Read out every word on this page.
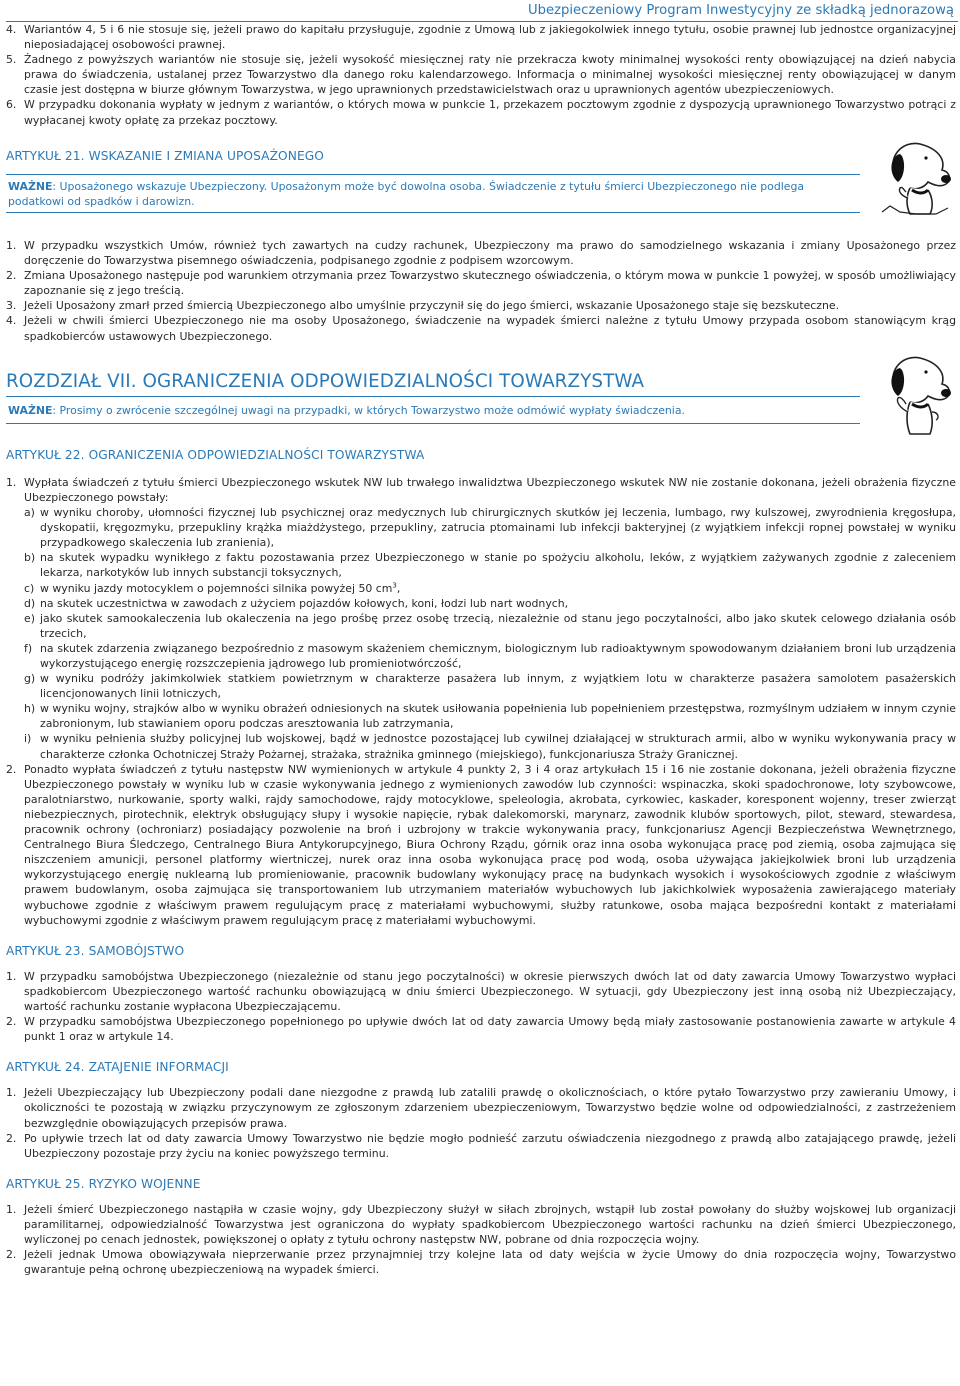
Ubezpieczeniowy Program Inwestycyjny ze składką jednorazową
4. Wariantów 4, 5 i 6 nie stosuje się, jeżeli prawo do kapitału przysługuje, zgodnie z Umową lub z jakiegokolwiek innego tytułu, osobie prawnej lub jednostce organizacyjnej nieposiadającej osobowości prawnej.
5. Żadnego z powyższych wariantów nie stosuje się, jeżeli wysokość miesięcznej raty nie przekracza kwoty minimalnej wysokości renty obowiązującej na dzień nabycia prawa do świadczenia, ustalanej przez Towarzystwo dla danego roku kalendarzowego. Informacja o minimalnej wysokości miesięcznej renty obowiązującej w danym czasie jest dostępna w biurze głównym Towarzystwa, w jego uprawnionych przedstawicielstwach oraz u uprawnionych agentów ubezpieczeniowych.
6. W przypadku dokonania wypłaty w jednym z wariantów, o których mowa w punkcie 1, przekazem pocztowym zgodnie z dyspozycją uprawnionego Towarzystwo potrąci z wypłacanej kwoty opłatę za przekaz pocztowy.
ARTYKUŁ 21. WSKAZANIE I ZMIANA UPOSAŻONEGO
WAŻNE: Uposażonego wskazuje Ubezpieczony. Uposażonym może być dowolna osoba. Świadczenie z tytułu śmierci Ubezpieczonego nie podlega podatkowi od spadków i darowizn.
1. W przypadku wszystkich Umów, również tych zawartych na cudzy rachunek, Ubezpieczony ma prawo do samodzielnego wskazania i zmiany Uposażonego przez doręczenie do Towarzystwa pisemnego oświadczenia, podpisanego zgodnie z podpisem wzorcowym.
2. Zmiana Uposażonego następuje pod warunkiem otrzymania przez Towarzystwo skutecznego oświadczenia, o którym mowa w punkcie 1 powyżej, w sposób umożliwiający zapoznanie się z jego treścią.
3. Jeżeli Uposażony zmarł przed śmiercią Ubezpieczonego albo umyślnie przyczynił się do jego śmierci, wskazanie Uposażonego staje się bezskuteczne.
4. Jeżeli w chwili śmierci Ubezpieczonego nie ma osoby Uposażonego, świadczenie na wypadek śmierci należne z tytułu Umowy przypada osobom stanowiącym krąg spadkobierców ustawowych Ubezpieczonego.
ROZDZIAŁ VII. OGRANICZENIA ODPOWIEDZIALNOŚCI TOWARZYSTWA
WAŻNE: Prosimy o zwrócenie szczególnej uwagi na przypadki, w których Towarzystwo może odmówić wypłaty świadczenia.
ARTYKUŁ 22. OGRANICZENIA ODPOWIEDZIALNOŚCI TOWARZYSTWA
1. Wypłata świadczeń z tytułu śmierci Ubezpieczonego wskutek NW lub trwałego inwalidztwa Ubezpieczonego wskutek NW nie zostanie dokonana, jeżeli obrażenia fizyczne Ubezpieczonego powstały:
a) w wyniku choroby, ułomności fizycznej lub psychicznej oraz medycznych lub chirurgicznych skutków jej leczenia, lumbago, rwy kulszowej, zwyrodnienia kręgosłupa, dyskopatii, kręgozmyku, przepukliny krążka miażdżystego, przepukliny, zatrucia ptomainami lub infekcji bakteryjnej (z wyjątkiem infekcji ropnej powstałej w wyniku przypadkowego skaleczenia lub zranienia),
b) na skutek wypadku wynikłego z faktu pozostawania przez Ubezpieczonego w stanie po spożyciu alkoholu, leków, z wyjątkiem zażywanych zgodnie z zaleceniem lekarza, narkotyków lub innych substancji toksycznych,
c) w wyniku jazdy motocyklem o pojemności silnika powyżej 50 $cm^3$,
d) na skutek uczestnictwa w zawodach z użyciem pojazdów kołowych, koni, łodzi lub nart wodnych,
e) jako skutek samookaleczenia lub okaleczenia na jego prośbę przez osobę trzecią, niezależnie od stanu jego poczytalności, albo jako skutek celowego działania osób trzecich,
f) na skutek zdarzenia związanego bezpośrednio z masowym skażeniem chemicznym, biologicznym lub radioaktywnym spowodowanym działaniem broni lub urządzenia wykorzystującego energię rozszczepienia jądrowego lub promieniotwórczość,
g) w wyniku podróży jakimkolwiek statkiem powietrznym w charakterze pasażera lub innym, z wyjątkiem lotu w charakterze pasażera samolotem pasażerskich licencjonowanych linii lotniczych,
h) w wyniku wojny, strajków albo w wyniku obrażeń odniesionych na skutek usiłowania popełnienia lub popełnieniem przestępstwa, rozmyślnym udziałem w innym czynie zabronionym, lub stawianiem oporu podczas aresztowania lub zatrzymania,
i) w wyniku pełnienia służby policyjnej lub wojskowej, bądź w jednostce pozostającej lub cywilnej działającej w strukturach armii, albo w wyniku wykonywania pracy w charakterze członka Ochotniczej Straży Pożarnej, strażaka, strażnika gminnego (miejskiego), funkcjonariusza Straży Granicznej.
2. Ponadto wypłata świadczeń z tytułu następstw NW wymienionych w artykule 4 punkty 2, 3 i 4 oraz artykułach 15 i 16 nie zostanie dokonana, jeżeli obrażenia fizyczne Ubezpieczonego powstały w wyniku lub w czasie wykonywania jednego z wymienionych zawodów lub czynności: wspinaczka, skoki spadochronowe, loty szybowcowe, paralotniarstwo, nurkowanie, sporty walki, rajdy samochodowe, rajdy motocyklowe, speleologia, akrobata, cyrkowiec, kaskader, koresponent wojenny, treser zwierząt niebezpiecznych, pirotechnik, elektryk obsługujący słupy i wysokie napięcie, rybak dalekomorski, marynarz, zawodnik klubów sportowych, pilot, steward, stewardesa, pracownik ochrony (ochroniarz) posiadający pozwolenie na broń i uzbrojony w trakcie wykonywania pracy, funkcjonariusz Agencji Bezpieczeństwa Wewnętrznego, Centralnego Biura Śledczego, Centralnego Biura Antykorupcyjnego, Biura Ochrony Rządu, górnik oraz inna osoba wykonująca pracę pod ziemią, osoba zajmująca się niszczeniem amunicji, personel platformy wiertniczej, nurek oraz inna osoba wykonująca pracę pod wodą, osoba używająca jakiejkolwiek broni lub urządzenia wykorzystującego energię nuklearną lub promieniowanie, pracownik budowlany wykonujący pracę na budynkach wysokich i wysokościowych zgodnie z właściwym prawem budowlanym, osoba zajmująca się transportowaniem lub utrzymaniem materiałów wybuchowych lub jakichkolwiek wyposażenia zawierającego materiały wybuchowe zgodnie z właściwym prawem regulującym pracę z materiałami wybuchowymi, służby ratunkowe, osoba mająca bezpośredni kontakt z materiałami wybuchowymi zgodnie z właściwym prawem regulującym pracę z materiałami wybuchowymi.
ARTYKUŁ 23. SAMOBÓJSTWO
1. W przypadku samobójstwa Ubezpieczonego (niezależnie od stanu jego poczytalności) w okresie pierwszych dwóch lat od daty zawarcia Umowy Towarzystwo wypłaci spadkobiercom Ubezpieczonego wartość rachunku obowiązującą w dniu śmierci Ubezpieczonego. W sytuacji, gdy Ubezpieczony jest inną osobą niż Ubezpieczający, wartość rachunku zostanie wypłacona Ubezpieczającemu.
2. W przypadku samobójstwa Ubezpieczonego popełnionego po upływie dwóch lat od daty zawarcia Umowy będą miały zastosowanie postanowienia zawarte w artykule 4 punkt 1 oraz w artykule 14.
ARTYKUŁ 24. ZATAJENIE INFORMACJI
1. Jeżeli Ubezpieczający lub Ubezpieczony podali dane niezgodne z prawdą lub zatalili prawdę o okolicznościach, o które pytało Towarzystwo przy zawieraniu Umowy, i okoliczności te pozostają w związku przyczynowym ze zgłoszonym zdarzeniem ubezpieczeniowym, Towarzystwo będzie wolne od odpowiedzialności, z zastrzeżeniem bezwzględnie obowiązujących przepisów prawa.
2. Po upływie trzech lat od daty zawarcia Umowy Towarzystwo nie będzie mogło podnieść zarzutu oświadczenia niezgodnego z prawdą albo zatajającego prawdę, jeżeli Ubezpieczony pozostaje przy życiu na koniec powyższego terminu.
ARTYKUŁ 25. RYZYKO WOJENNE
1. Jeżeli śmierć Ubezpieczonego nastąpiła w czasie wojny, gdy Ubezpieczony służył w siłach zbrojnych, wstąpił lub został powołany do służby wojskowej lub organizacji paramilitarnej, odpowiedzialność Towarzystwa jest ograniczona do wypłaty spadkobiercom Ubezpieczonego wartości rachunku na dzień śmierci Ubezpieczonego, wyliczonej po cenach jednostek, powiększonej o opłaty z tytułu ochrony następstw NW, pobrane od dnia rozpoczęcia wojny.
2. Jeżeli jednak Umowa obowiązywała nieprzerwanie przez przynajmniej trzy kolejne lata od daty wejścia w życie Umowy do dnia rozpoczęcia wojny, Towarzystwo gwarantuje pełną ochronę ubezpieczeniową na wypadek śmierci.
